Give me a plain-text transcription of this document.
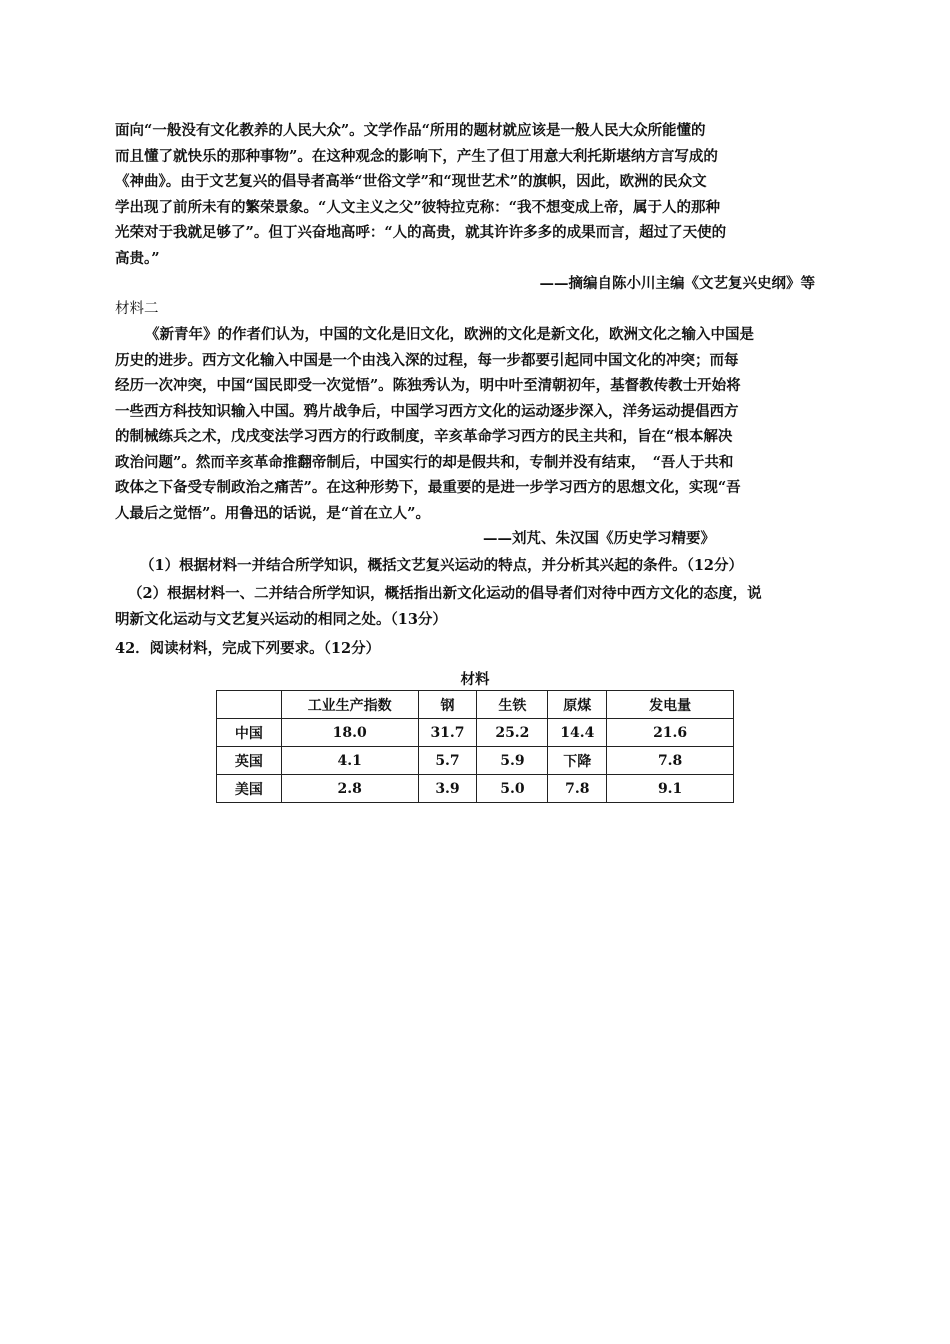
面向“一般没有文化教养的人民大众”。文学作品“所用的题材就应该是一般人民大众所能懂的
而且懂了就快乐的那种事物”。在这种观念的影响下，产生了但丁用意大利托斯堪纳方言写成的
《神曲》。由于文艺复兴的倡导者高举“世俗文学”和“现世艺术”的旗帜，因此，欧洲的民众文
学出现了前所未有的繁荣景象。“人文主义之父”彼特拉克称：“我不想变成上帝，属于人的那种
光荣对于我就足够了”。但丁兴奋地高呼：“人的高贵，就其许许多多的成果而言，超过了天使的
高贵。”
——摘编自陈小川主编《文艺复兴史纲》等
材料二
《新青年》的作者们认为，中国的文化是旧文化，欧洲的文化是新文化，欧洲文化之输入中国是
历史的进步。西方文化输入中国是一个由浅入深的过程，每一步都要引起同中国文化的冲突；而每
经历一次冲突，中国“国民即受一次觉悟”。陈独秀认为，明中叶至清朝初年，基督教传教士开始将
一些西方科技知识输入中国。鸦片战争后，中国学习西方文化的运动逐步深入，洋务运动提倡西方
的制械练兵之术，戊戌变法学习西方的行政制度，辛亥革命学习西方的民主共和，旨在“根本解决
政治问题”。然而辛亥革命推翻帝制后，中国实行的却是假共和，专制并没有结束，　“吾人于共和
政体之下备受专制政治之痛苦”。在这种形势下，最重要的是进一步学习西方的思想文化，实现“吾
人最后之觉悟”。用鲁迅的话说，是“首在立人”。
——刘芃、朱汉国《历史学习精要》
（1）根据材料一并结合所学知识，概括文艺复兴运动的特点，并分析其兴起的条件。（12分）
（2）根据材料一、二并结合所学知识，概括指出新文化运动的倡导者们对待中西方文化的态度，说
明新文化运动与文艺复兴运动的相同之处。（13分）
42．阅读材料，完成下列要求。（12分）
材料
	工业生产指数	钢	生铁	原煤	发电量
中国	18.0	31.7	25.2	14.4	21.6
英国	4.1	5.7	5.9	下降	7.8
美国	2.8	3.9	5.0	7.8	9.1
